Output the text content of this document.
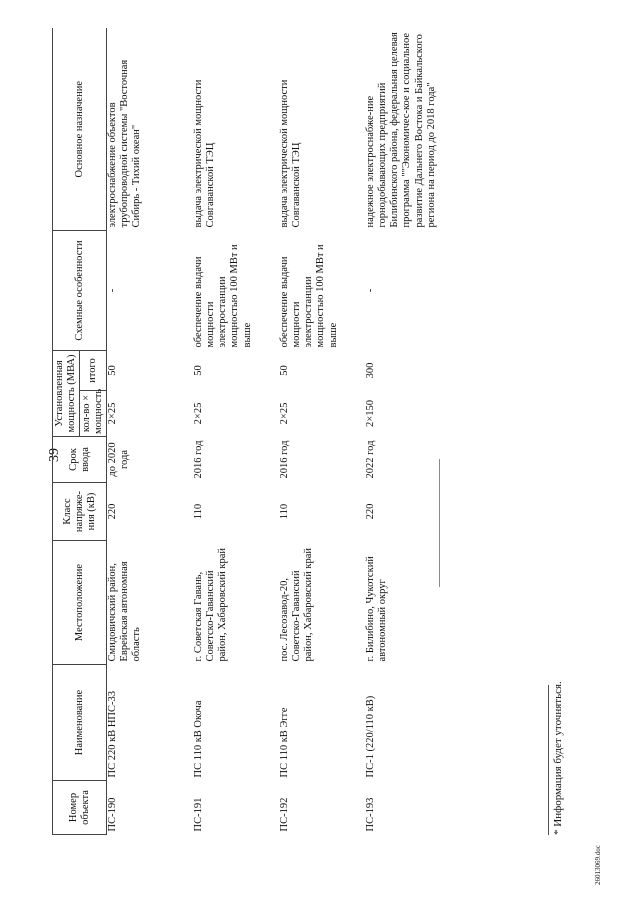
39
Номер объекта	Наименование	Местоположение	Класс напряже-ния (кВ)	Срок ввода	Установленная мощность (МВА)		Схемные особенности	Основное назначение
					кол-во × мощность	итого		
ПС-190	ПС 220 кВ НПС-33	Смидовичский район, Еврейская автономная область	220	до 2020 года	2×25	50	-	электроснабжение объектов трубопроводной системы "Восточная Сибирь - Тихий океан"
ПС-191	ПС 110 кВ Окоча	г. Советская Гавань, Советско-Гаванский район, Хабаровский край	110	2016 год	2×25	50	обеспечение выдачи мощности электростанции мощностью 100 МВт и выше	выдача электрической мощности Совгаванской ТЭЦ
ПС-192	ПС 110 кВ Эгге	пос. Лесозавод-20, Советско-Гаванский район, Хабаровский край	110	2016 год	2×25	50	обеспечение выдачи мощности электростанции мощностью 100 МВт и выше	выдача электрической мощности Совгаванской ТЭЦ
ПС-193	ПС-1 (220/110 кВ)	г. Билибино, Чукотский автономный округ	220	2022 год	2×150	300	-	надежное электроснабже-ние горнодобывающих предприятий Билибинского района, федеральная целевая программа ""Экономичес-кое и социальное развитие Дальнего Востока и Байкальского региона на период до 2018 года"
* Информация будет уточняться.
26013069.doc
